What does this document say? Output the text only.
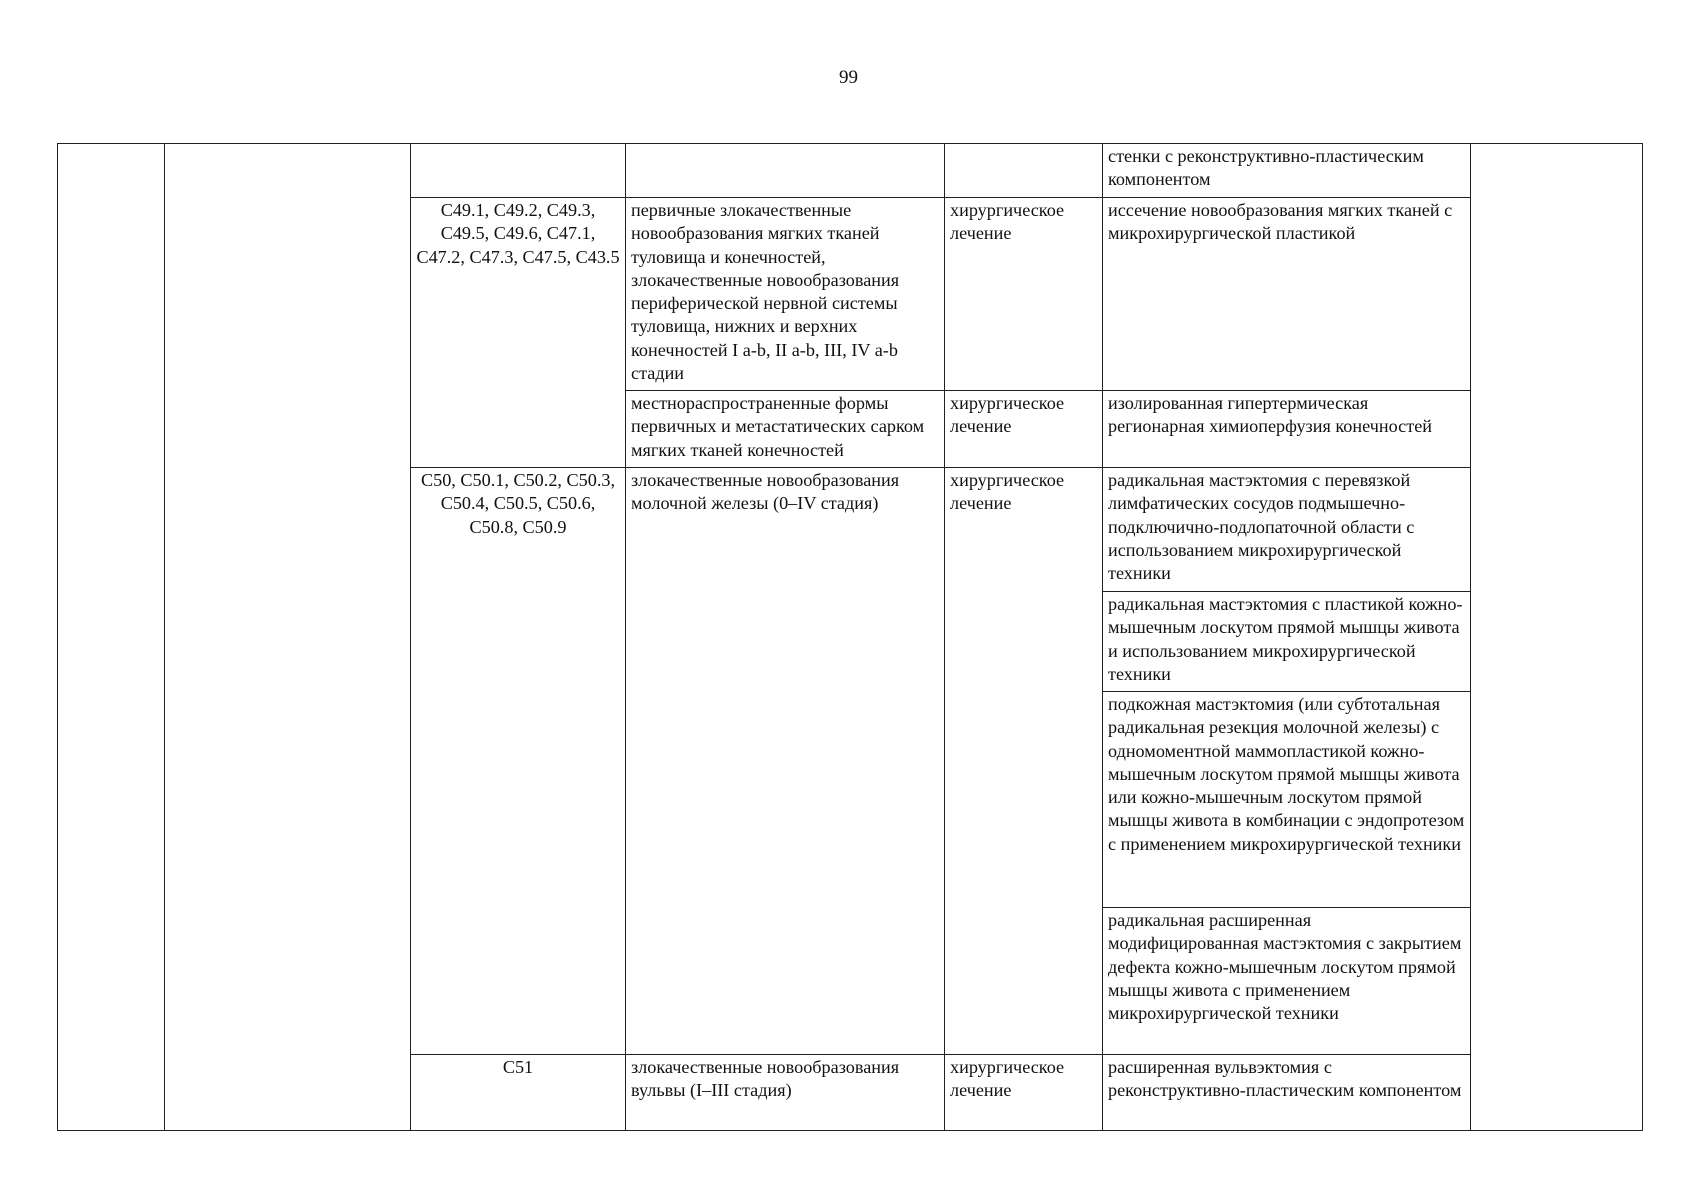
99
					стенки с реконструктивно-пластическим компонентом	
		C49.1, C49.2, C49.3, C49.5, C49.6, C47.1, C47.2, C47.3, C47.5, C43.5	первичные злокачественные новообразования мягких тканей туловища и конечностей, злокачественные новообразования периферической нервной системы туловища, нижних и верхних конечностей I a-b, II a-b, III, IV a-b стадии	хирургическое лечение	иссечение новообразования мягких тканей с микрохирургической пластикой	
			местнораспространенные формы первичных и метастатических сарком мягких тканей конечностей	хирургическое лечение	изолированная гипертермическая регионарная химиоперфузия конечностей	
		C50, C50.1, C50.2, C50.3, C50.4, C50.5, C50.6, C50.8, C50.9	злокачественные новообразования молочной железы (0–IV стадия)	хирургическое лечение	радикальная мастэктомия с перевязкой лимфатических сосудов подмышечно-подключично-подлопаточной области с использованием микрохирургической техники	
					радикальная мастэктомия с пластикой кожно-мышечным лоскутом прямой мышцы живота и использованием микрохирургической техники	
					подкожная мастэктомия (или субтотальная радикальная резекция молочной железы) с одномоментной маммопластикой кожно-мышечным лоскутом прямой мышцы живота или кожно-мышечным лоскутом прямой мышцы живота в комбинации с эндопротезом с применением микрохирургической техники	
					радикальная расширенная модифицированная мастэктомия с закрытием дефекта кожно-мышечным лоскутом прямой мышцы живота с применением микрохирургической техники	
		C51	злокачественные новообразования вульвы (I–III стадия)	хирургическое лечение	расширенная вульвэктомия с реконструктивно-пластическим компонентом	
